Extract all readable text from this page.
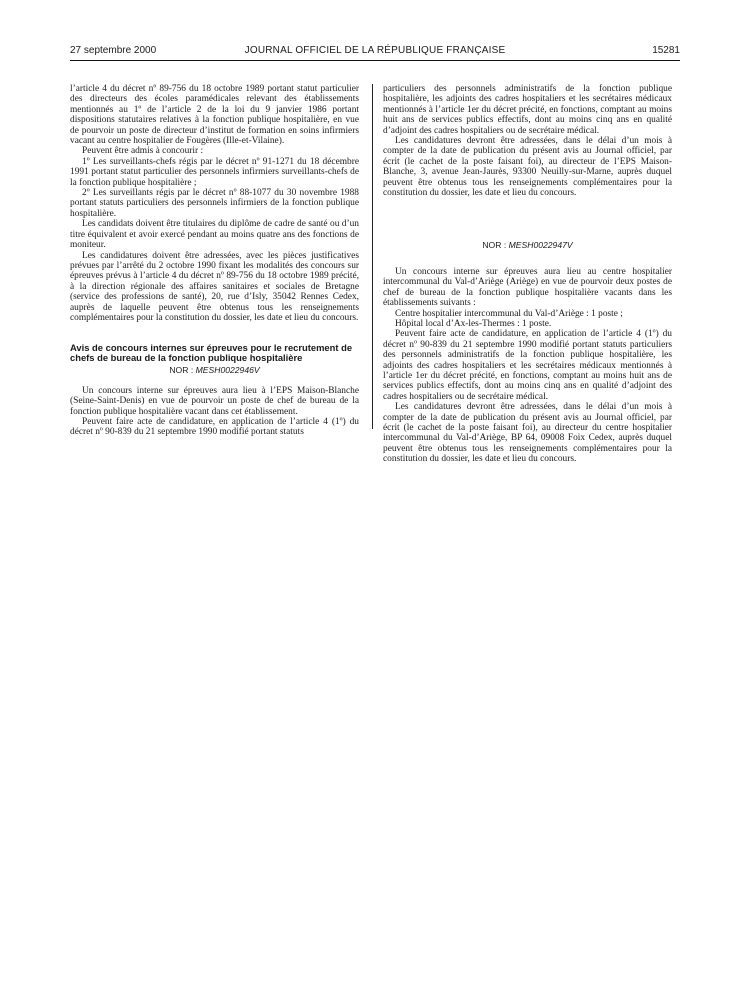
27 septembre 2000	JOURNAL OFFICIEL DE LA RÉPUBLIQUE FRANÇAISE	15281

l’article 4 du décret nº 89-756 du 18 octobre 1989 portant statut particulier des directeurs des écoles paramédicales relevant des établissements mentionnés au 1º de l’article 2 de la loi du 9 janvier 1986 portant dispositions statutaires relatives à la fonction publique hospitalière, en vue de pourvoir un poste de directeur d’institut de formation en soins infirmiers vacant au centre hospitalier de Fougères (Ille-et-Vilaine).

Peuvent être admis à concourir :

1º Les surveillants-chefs régis par le décret nº 91-1271 du 18 décembre 1991 portant statut particulier des personnels infirmiers surveillants-chefs de la fonction publique hospitalière ;

2º Les surveillants régis par le décret nº 88-1077 du 30 novembre 1988 portant statuts particuliers des personnels infirmiers de la fonction publique hospitalière.

Les candidats doivent être titulaires du diplôme de cadre de santé ou d’un titre équivalent et avoir exercé pendant au moins quatre ans des fonctions de moniteur.

Les candidatures doivent être adressées, avec les pièces justificatives prévues par l’arrêté du 2 octobre 1990 fixant les modalités des concours sur épreuves prévus à l’article 4 du décret nº 89-756 du 18 octobre 1989 précité, à la direction régionale des affaires sanitaires et sociales de Bretagne (service des professions de santé), 20, rue d’Isly, 35042 Rennes Cedex, auprès de laquelle peuvent être obtenus tous les renseignements complémentaires pour la constitution du dossier, les date et lieu du concours.

Avis de concours internes sur épreuves pour le recrutement de chefs de bureau de la fonction publique hospitalière

NOR : MESH0022946V

Un concours interne sur épreuves aura lieu à l’EPS Maison-Blanche (Seine-Saint-Denis) en vue de pourvoir un poste de chef de bureau de la fonction publique hospitalière vacant dans cet établissement.

Peuvent faire acte de candidature, en application de l’article 4 (1º) du décret nº 90-839 du 21 septembre 1990 modifié portant statuts

particuliers des personnels administratifs de la fonction publique hospitalière, les adjoints des cadres hospitaliers et les secrétaires médicaux mentionnés à l’article 1er du décret précité, en fonctions, comptant au moins huit ans de services publics effectifs, dont au moins cinq ans en qualité d’adjoint des cadres hospitaliers ou de secrétaire médical.

Les candidatures devront être adressées, dans le délai d’un mois à compter de la date de publication du présent avis au Journal officiel, par écrit (le cachet de la poste faisant foi), au directeur de l’EPS Maison-Blanche, 3, avenue Jean-Jaurès, 93300 Neuilly-sur-Marne, auprès duquel peuvent être obtenus tous les renseignements complémentaires pour la constitution du dossier, les date et lieu du concours.

NOR : MESH0022947V

Un concours interne sur épreuves aura lieu au centre hospitalier intercommunal du Val-d’Ariège (Ariège) en vue de pourvoir deux postes de chef de bureau de la fonction publique hospitalière vacants dans les établissements suivants :

Centre hospitalier intercommunal du Val-d’Ariège : 1 poste ;

Hôpital local d’Ax-les-Thermes : 1 poste.

Peuvent faire acte de candidature, en application de l’article 4 (1º) du décret nº 90-839 du 21 septembre 1990 modifié portant statuts particuliers des personnels administratifs de la fonction publique hospitalière, les adjoints des cadres hospitaliers et les secrétaires médicaux mentionnés à l’article 1er du décret précité, en fonctions, comptant au moins huit ans de services publics effectifs, dont au moins cinq ans en qualité d’adjoint des cadres hospitaliers ou de secrétaire médical.

Les candidatures devront être adressées, dans le délai d’un mois à compter de la date de publication du présent avis au Journal officiel, par écrit (le cachet de la poste faisant foi), au directeur du centre hospitalier intercommunal du Val-d’Ariège, BP 64, 09008 Foix Cedex, auprès duquel peuvent être obtenus tous les renseignements complémentaires pour la constitution du dossier, les date et lieu du concours.
